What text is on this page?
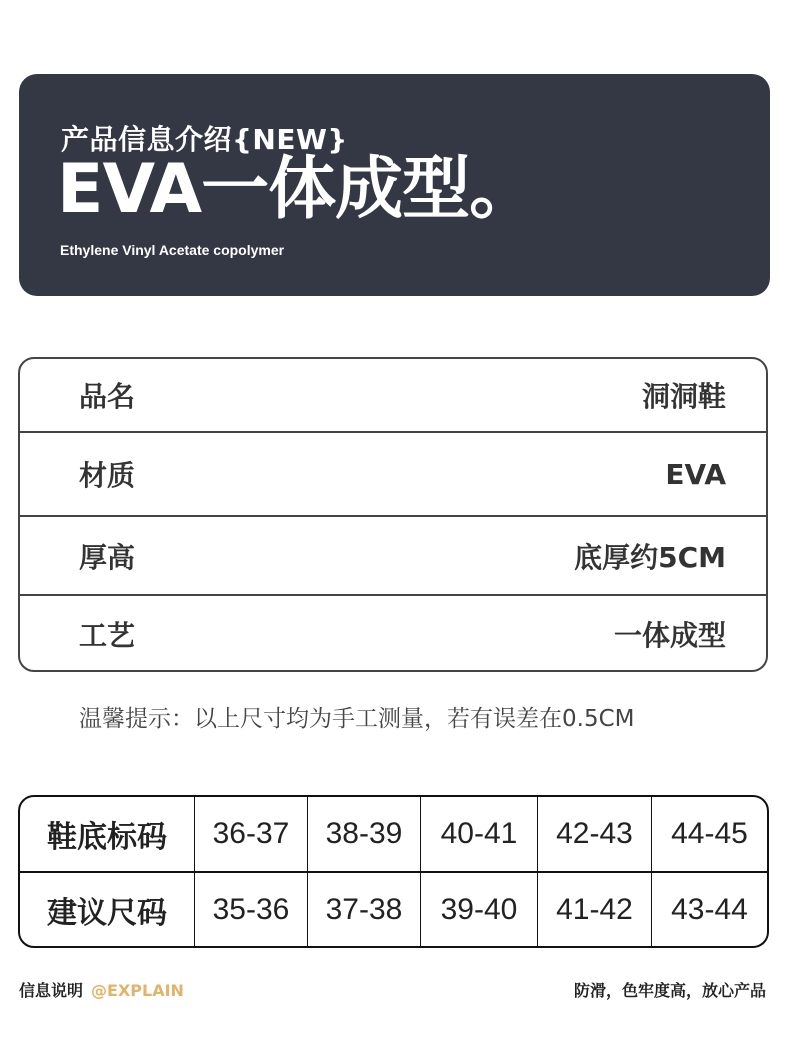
产品信息介绍{NEW}
EVA一体成型。
Ethylene Vinyl Acetate copolymer
品名	洞洞鞋
材质	EVA
厚高	底厚约5CM
工艺	一体成型
温馨提示：以上尺寸均为手工测量，若有误差在0.5CM
鞋底标码	36-37	38-39	40-41	42-43	44-45
建议尺码	35-36	37-38	39-40	41-42	43-44
信息说明 @EXPLAIN	防滑，色牢度高，放心产品
